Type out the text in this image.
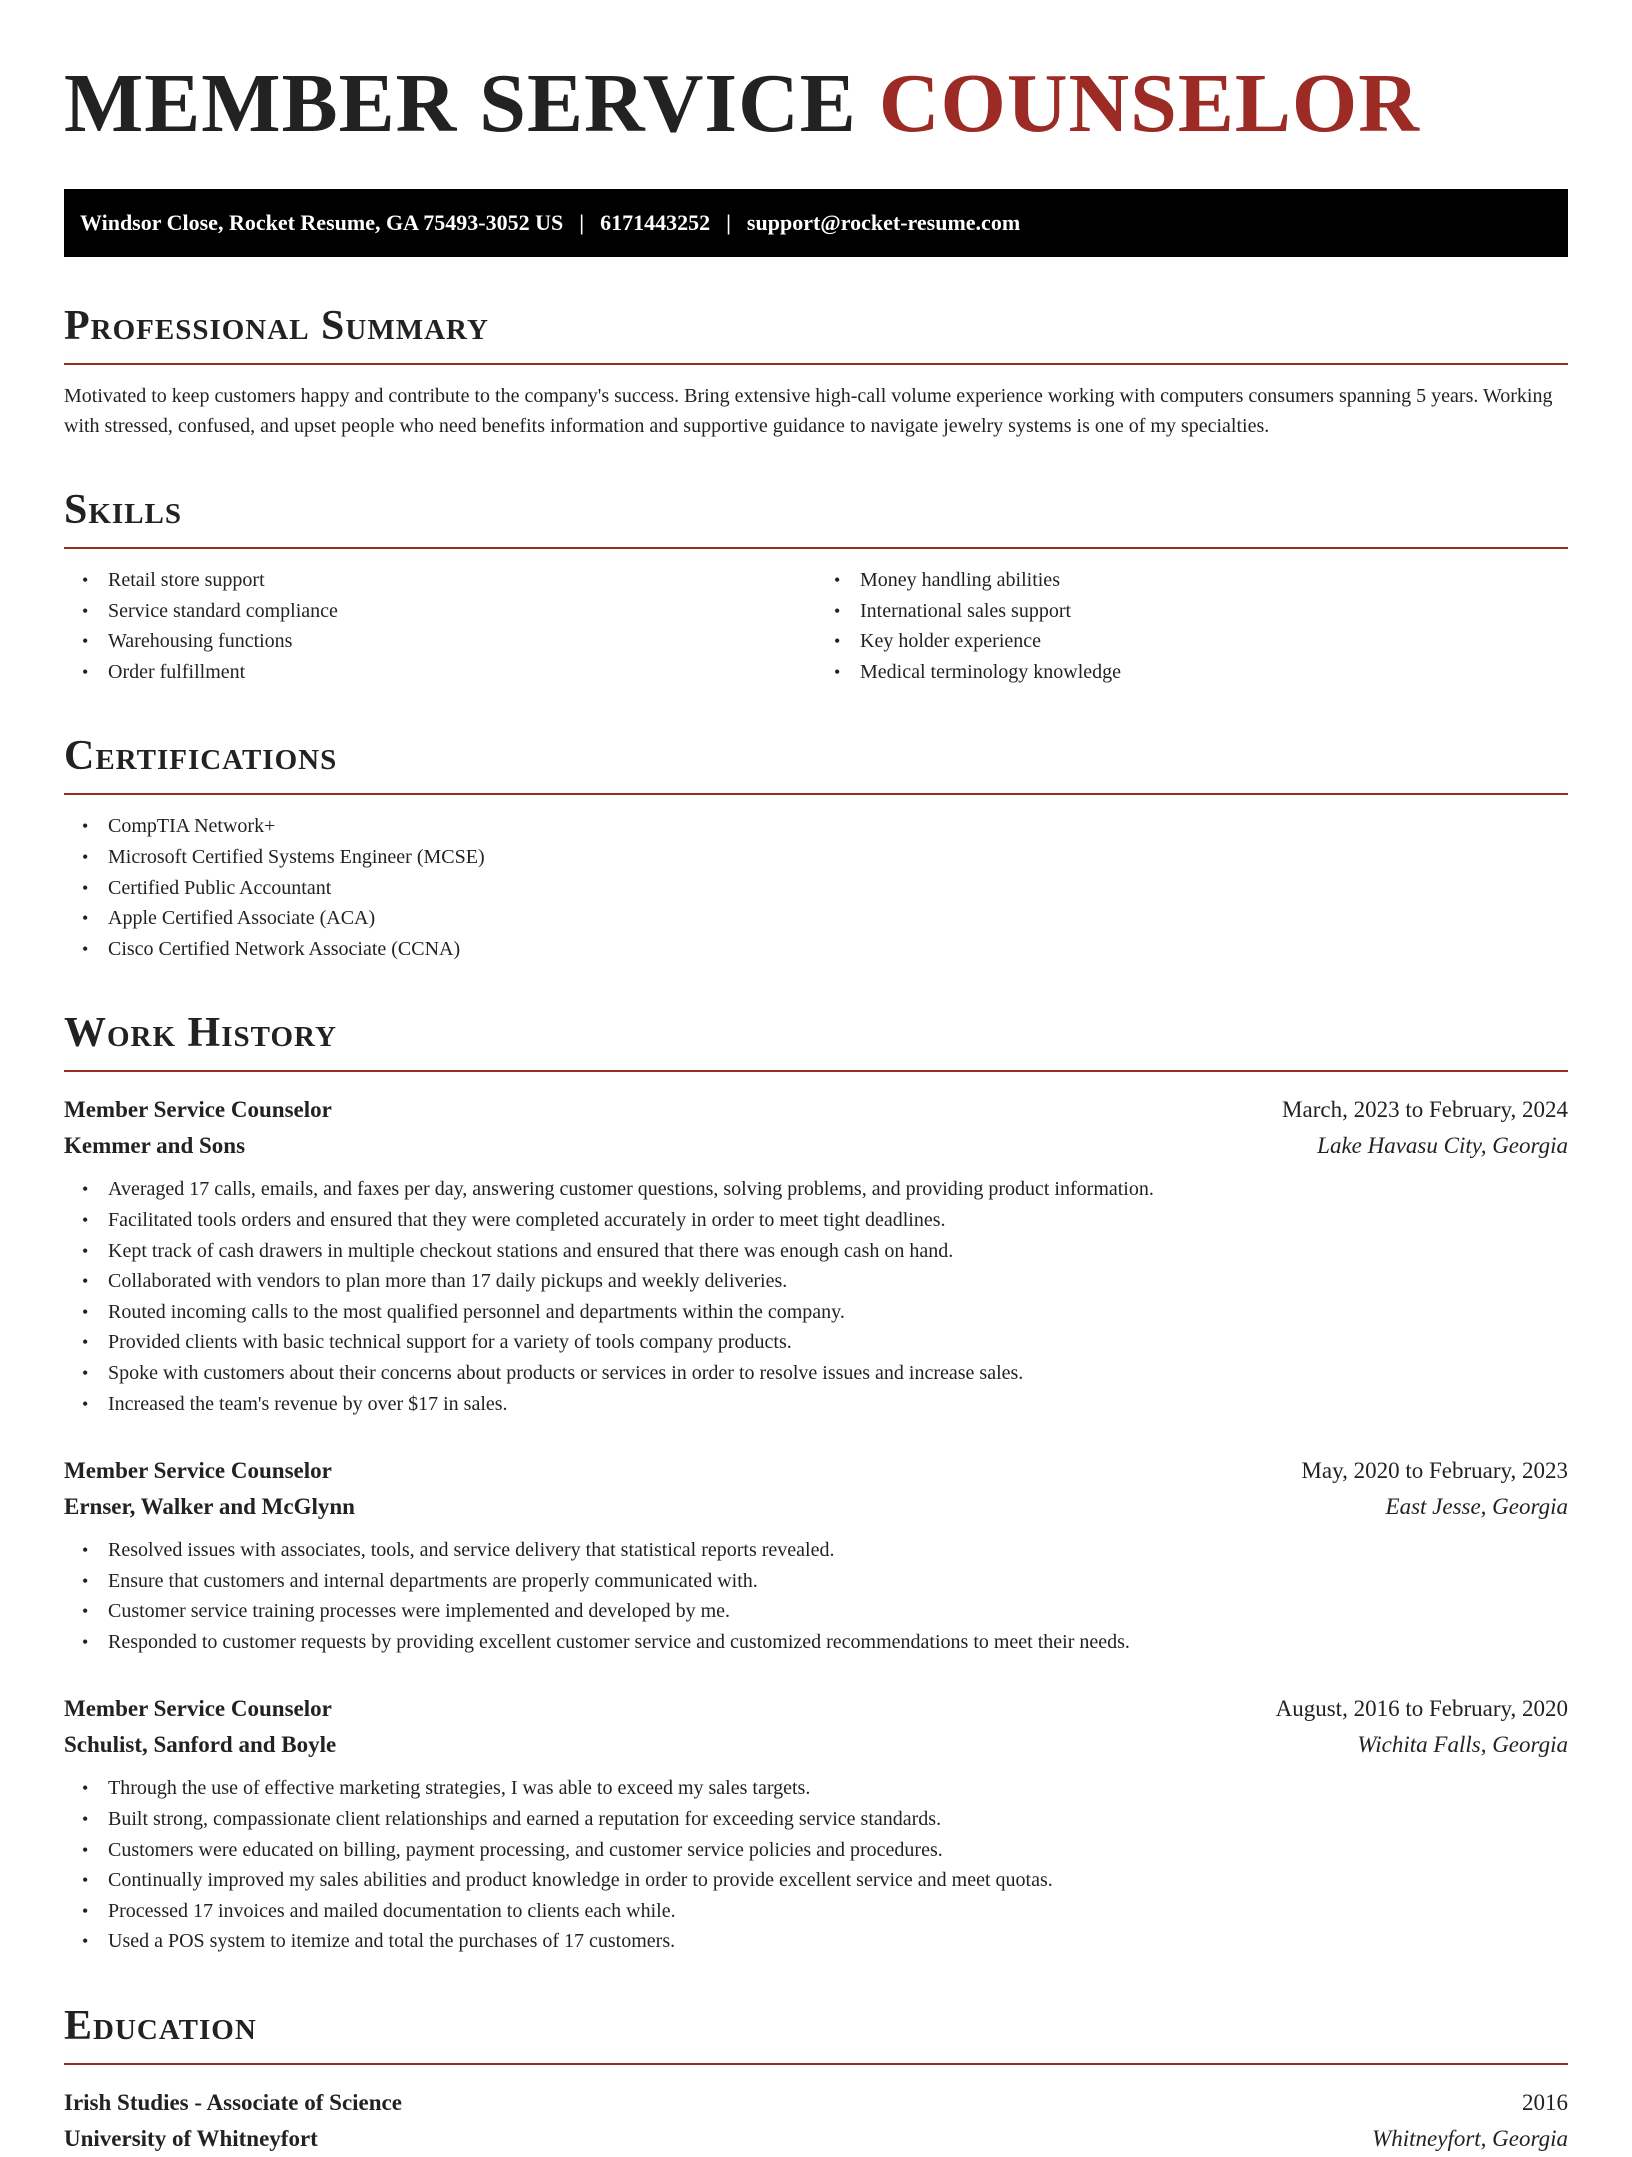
MEMBER SERVICE COUNSELOR
Windsor Close, Rocket Resume, GA 75493-3052 US | 6171443252 | support@rocket-resume.com
Professional Summary

Motivated to keep customers happy and contribute to the company's success. Bring extensive high-call volume experience working with computers consumers spanning 5 years. Working with stressed, confused, and upset people who need benefits information and supportive guidance to navigate jewelry systems is one of my specialties.

Skills
• Retail store support
• Service standard compliance
• Warehousing functions
• Order fulfillment
• Money handling abilities
• International sales support
• Key holder experience
• Medical terminology knowledge
Certifications
• CompTIA Network+
• Microsoft Certified Systems Engineer (MCSE)
• Certified Public Accountant
• Apple Certified Associate (ACA)
• Cisco Certified Network Associate (CCNA)
Work History
Member Service Counselor	March, 2023 to February, 2024
Kemmer and Sons	Lake Havasu City, Georgia
• Averaged 17 calls, emails, and faxes per day, answering customer questions, solving problems, and providing product information.
• Facilitated tools orders and ensured that they were completed accurately in order to meet tight deadlines.
• Kept track of cash drawers in multiple checkout stations and ensured that there was enough cash on hand.
• Collaborated with vendors to plan more than 17 daily pickups and weekly deliveries.
• Routed incoming calls to the most qualified personnel and departments within the company.
• Provided clients with basic technical support for a variety of tools company products.
• Spoke with customers about their concerns about products or services in order to resolve issues and increase sales.
• Increased the team's revenue by over $17 in sales.
Member Service Counselor	May, 2020 to February, 2023
Ernser, Walker and McGlynn	East Jesse, Georgia
• Resolved issues with associates, tools, and service delivery that statistical reports revealed.
• Ensure that customers and internal departments are properly communicated with.
• Customer service training processes were implemented and developed by me.
• Responded to customer requests by providing excellent customer service and customized recommendations to meet their needs.
Member Service Counselor	August, 2016 to February, 2020
Schulist, Sanford and Boyle	Wichita Falls, Georgia
• Through the use of effective marketing strategies, I was able to exceed my sales targets.
• Built strong, compassionate client relationships and earned a reputation for exceeding service standards.
• Customers were educated on billing, payment processing, and customer service policies and procedures.
• Continually improved my sales abilities and product knowledge in order to provide excellent service and meet quotas.
• Processed 17 invoices and mailed documentation to clients each while.
• Used a POS system to itemize and total the purchases of 17 customers.
Education
Irish Studies - Associate of Science	2016
University of Whitneyfort	Whitneyfort, Georgia
